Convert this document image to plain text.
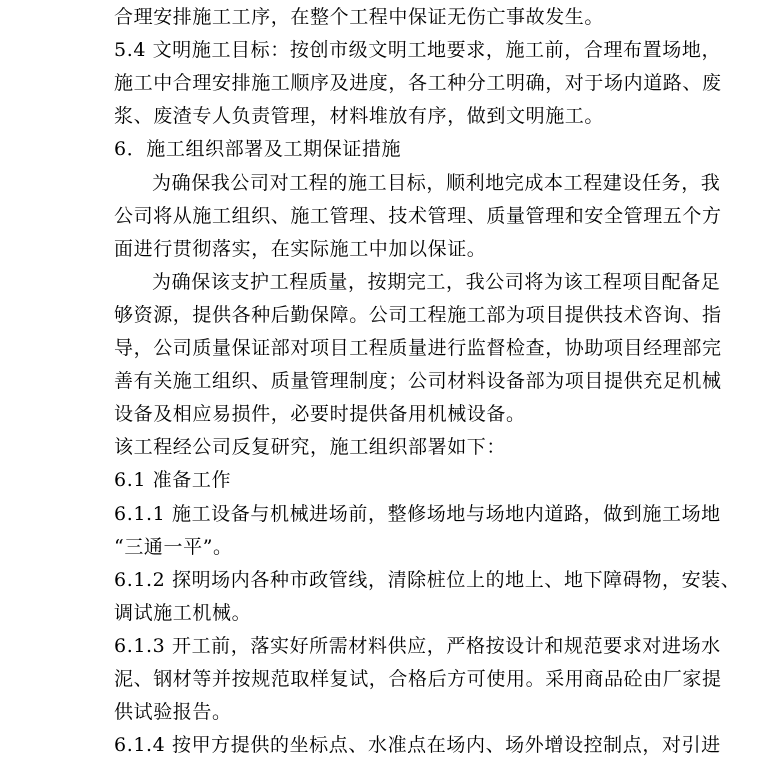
合理安排施工工序，在整个工程中保证无伤亡事故发生。
5.4 文明施工目标：按创市级文明工地要求，施工前，合理布置场地，
施工中合理安排施工顺序及进度，各工种分工明确，对于场内道路、废
浆、废渣专人负责管理，材料堆放有序，做到文明施工。
6．施工组织部署及工期保证措施
为确保我公司对工程的施工目标，顺利地完成本工程建设任务，我
公司将从施工组织、施工管理、技术管理、质量管理和安全管理五个方
面进行贯彻落实，在实际施工中加以保证。
为确保该支护工程质量，按期完工，我公司将为该工程项目配备足
够资源，提供各种后勤保障。公司工程施工部为项目提供技术咨询、指
导，公司质量保证部对项目工程质量进行监督检查，协助项目经理部完
善有关施工组织、质量管理制度；公司材料设备部为项目提供充足机械
设备及相应易损件，必要时提供备用机械设备。
该工程经公司反复研究，施工组织部署如下：
6.1 准备工作
6.1.1 施工设备与机械进场前，整修场地与场地内道路，做到施工场地
“三通一平”。
6.1.2 探明场内各种市政管线，清除桩位上的地上、地下障碍物，安装、
调试施工机械。
6.1.3 开工前，落实好所需材料供应，严格按设计和规范要求对进场水
泥、钢材等并按规范取样复试，合格后方可使用。采用商品砼由厂家提
供试验报告。
6.1.4 按甲方提供的坐标点、水准点在场内、场外增设控制点，对引进
